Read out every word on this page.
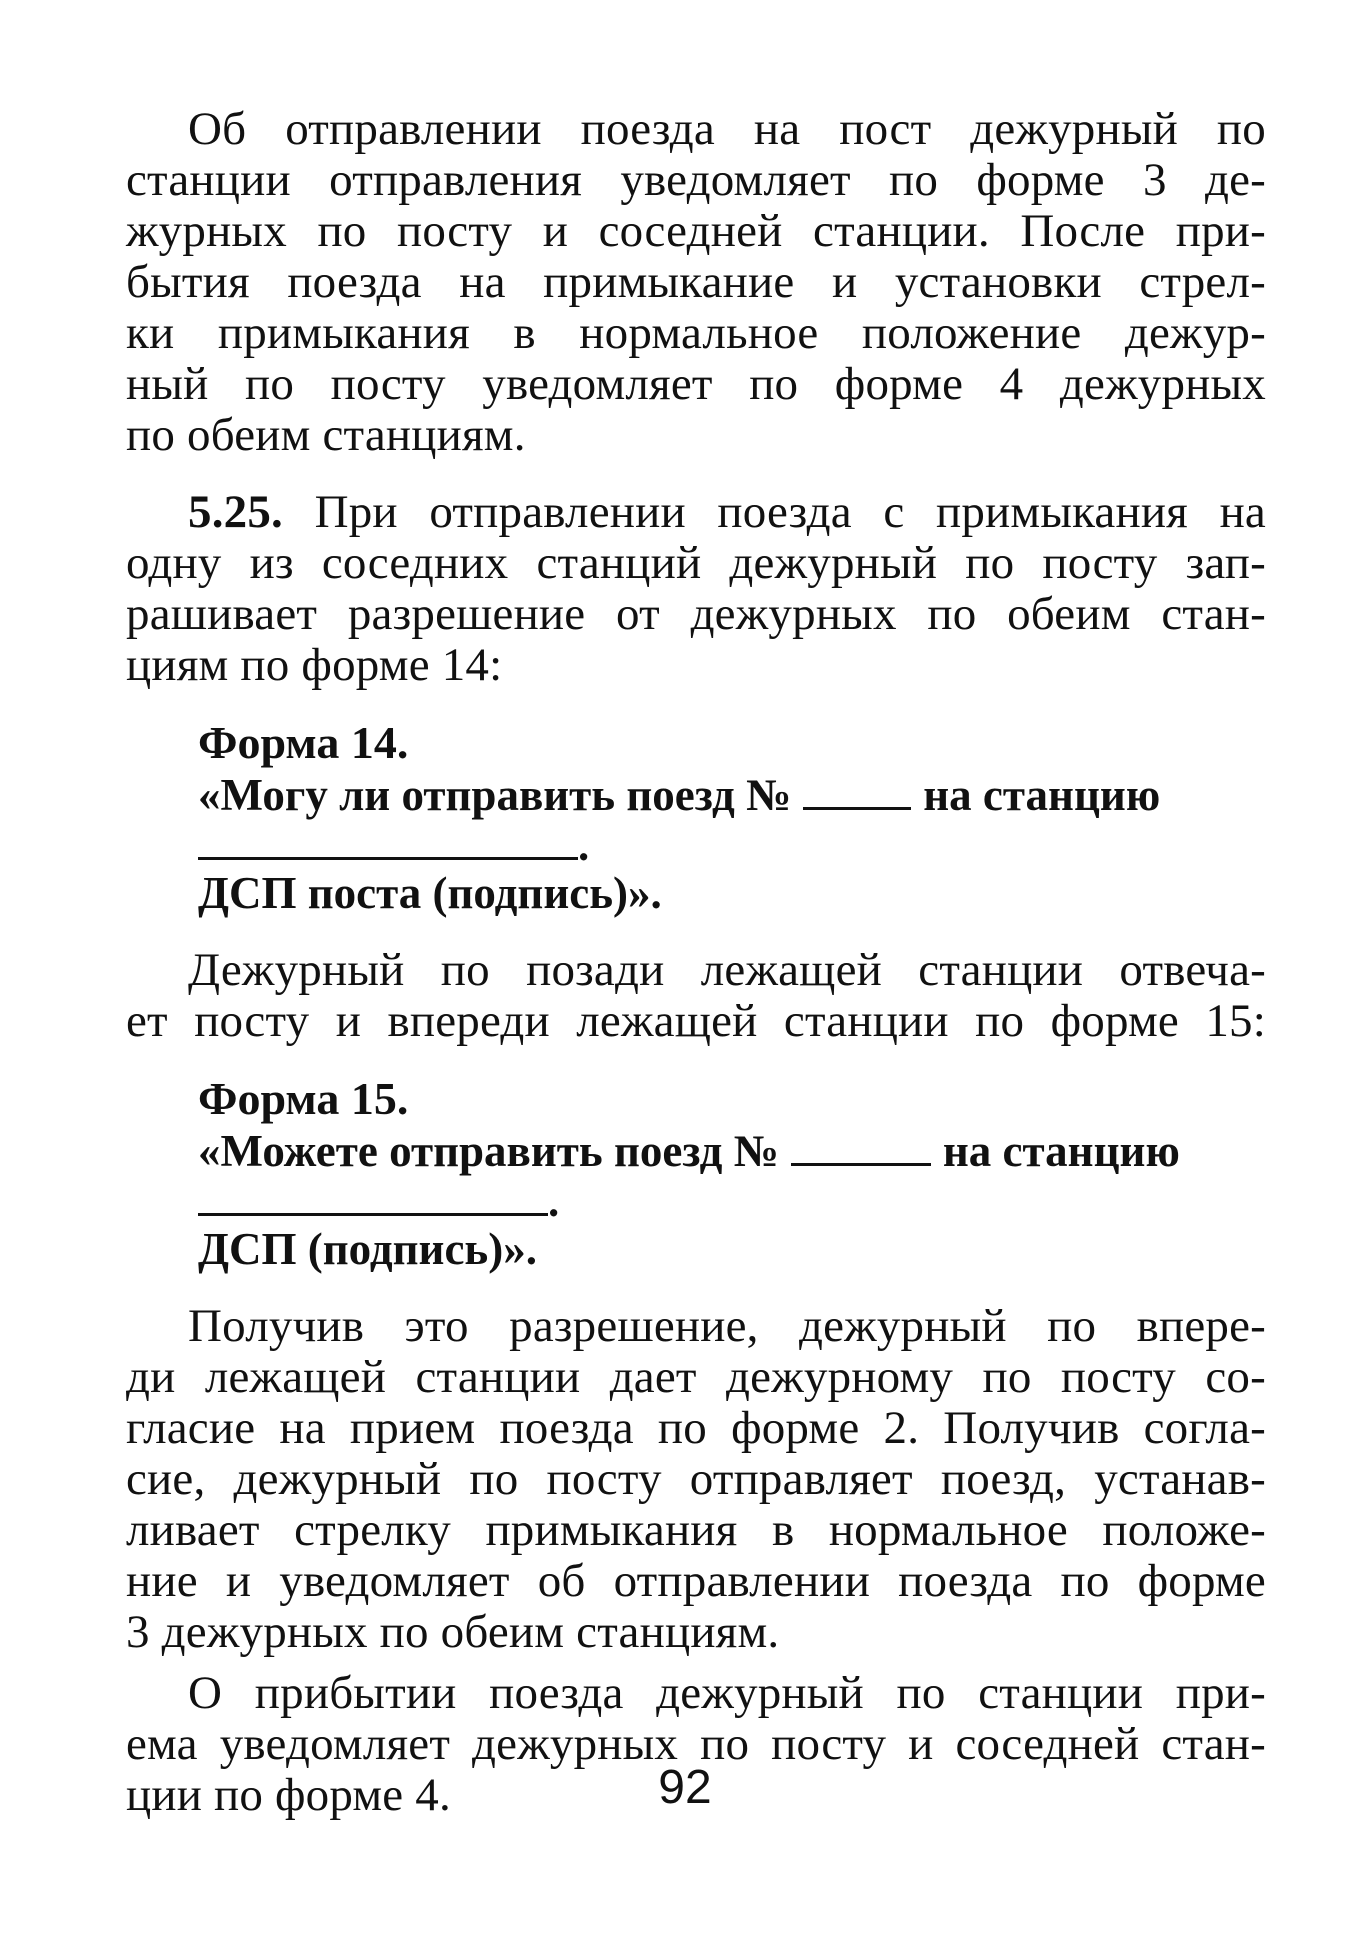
Об отправлении поезда на пост дежурный по
станции отправления уведомляет по форме 3 де-
журных по посту и соседней станции. После при-
бытия поезда на примыкание и установки стрел-
ки примыкания в нормальное положение дежур-
ный по посту уведомляет по форме 4 дежурных
по обеим станциям.
5.25. При отправлении поезда с примыкания на
одну из соседних станций дежурный по посту зап-
рашивает разрешение от дежурных по обеим стан-
циям по форме 14:
Форма 14.
«Могу ли отправить поезд №	на станцию
.
ДСП поста (подпись)».
Дежурный по позади лежащей станции отвеча-
ет посту и впереди лежащей станции по форме 15:
Форма 15.
«Можете отправить поезд №	на станцию
.
ДСП (подпись)».
Получив это разрешение, дежурный по впере-
ди лежащей станции дает дежурному по посту со-
гласие на прием поезда по форме 2. Получив согла-
сие, дежурный по посту отправляет поезд, устанав-
ливает стрелку примыкания в нормальное положе-
ние и уведомляет об отправлении поезда по форме
3 дежурных по обеим станциям.
О прибытии поезда дежурный по станции при-
ема уведомляет дежурных по посту и соседней стан-
ции по форме 4.	92
